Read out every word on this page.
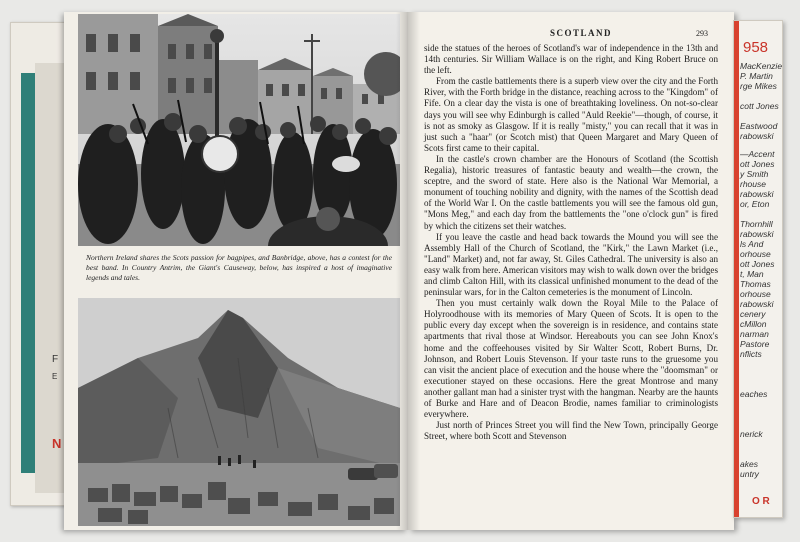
F
E
N
Northern Ireland shares the Scots passion for bagpipes, and Banbridge, above, has a contest for the best band. In Country Antrim, the Giant's Causeway, below, has inspired a host of imaginative legends and tales.
SCOTLAND	293

side the statues of the heroes of Scotland's war of independence in the 13th and 14th centuries. Sir William Wallace is on the right, and King Robert Bruce on the left.

From the castle battlements there is a superb view over the city and the Forth River, with the Forth bridge in the distance, reaching across to the "Kingdom" of Fife. On a clear day the vista is one of breathtaking loveliness. On not-so-clear days you will see why Edinburgh is called "Auld Reekie"—though, of course, it is not as smoky as Glasgow. If it is really "misty," you can recall that it was in just such a "haar" (or Scotch mist) that Queen Margaret and Mary Queen of Scots first came to their capital.

In the castle's crown chamber are the Honours of Scotland (the Scottish Regalia), historic treasures of fantastic beauty and wealth—the crown, the sceptre, and the sword of state. Here also is the National War Memorial, a monument of touching nobility and dignity, with the names of the Scottish dead of the World War I. On the castle battlements you will see the famous old gun, "Mons Meg," and each day from the battlements the "one o'clock gun" is fired by which the citizens set their watches.

If you leave the castle and head back towards the Mound you will see the Assembly Hall of the Church of Scotland, the "Kirk," the Lawn Market (i.e., "Land" Market) and, not far away, St. Giles Cathedral. The university is also an easy walk from here. American visitors may wish to walk down over the bridges and climb Calton Hill, with its classical unfinished monument to the dead of the peninsular wars, for in the Calton cemeteries is the monument of Lincoln.

Then you must certainly walk down the Royal Mile to the Palace of Holyroodhouse with its memories of Mary Queen of Scots. It is open to the public every day except when the sovereign is in residence, and contains state apartments that rival those at Windsor. Hereabouts you can see John Knox's home and the coffeehouses visited by Sir Walter Scott, Robert Burns, Dr. Johnson, and Robert Louis Stevenson. If your taste runs to the gruesome you can visit the ancient place of execution and the house where the "doomsman" or executioner stayed on these occasions. Here the great Montrose and many another gallant man had a sinister tryst with the hangman. Nearby are the haunts of Burke and Hare and of Deacon Brodie, names familiar to criminologists everywhere.

Just north of Princes Street you will find the New Town, principally George Street, where both Scott and Stevenson

958
MacKenzie
P. Martin
rge Mikes
cott Jones
Eastwood
rabowski
—Accent
ott Jones
y Smith
rhouse
rabowski
or, Eton
Thornhill
rabowski
ls And
orhouse
ott Jones
t, Man
Thomas
orhouse
rabowski
cenery
cMillon
narman
Pastore
nflicts
eaches
nerick
akes
untry
O R
